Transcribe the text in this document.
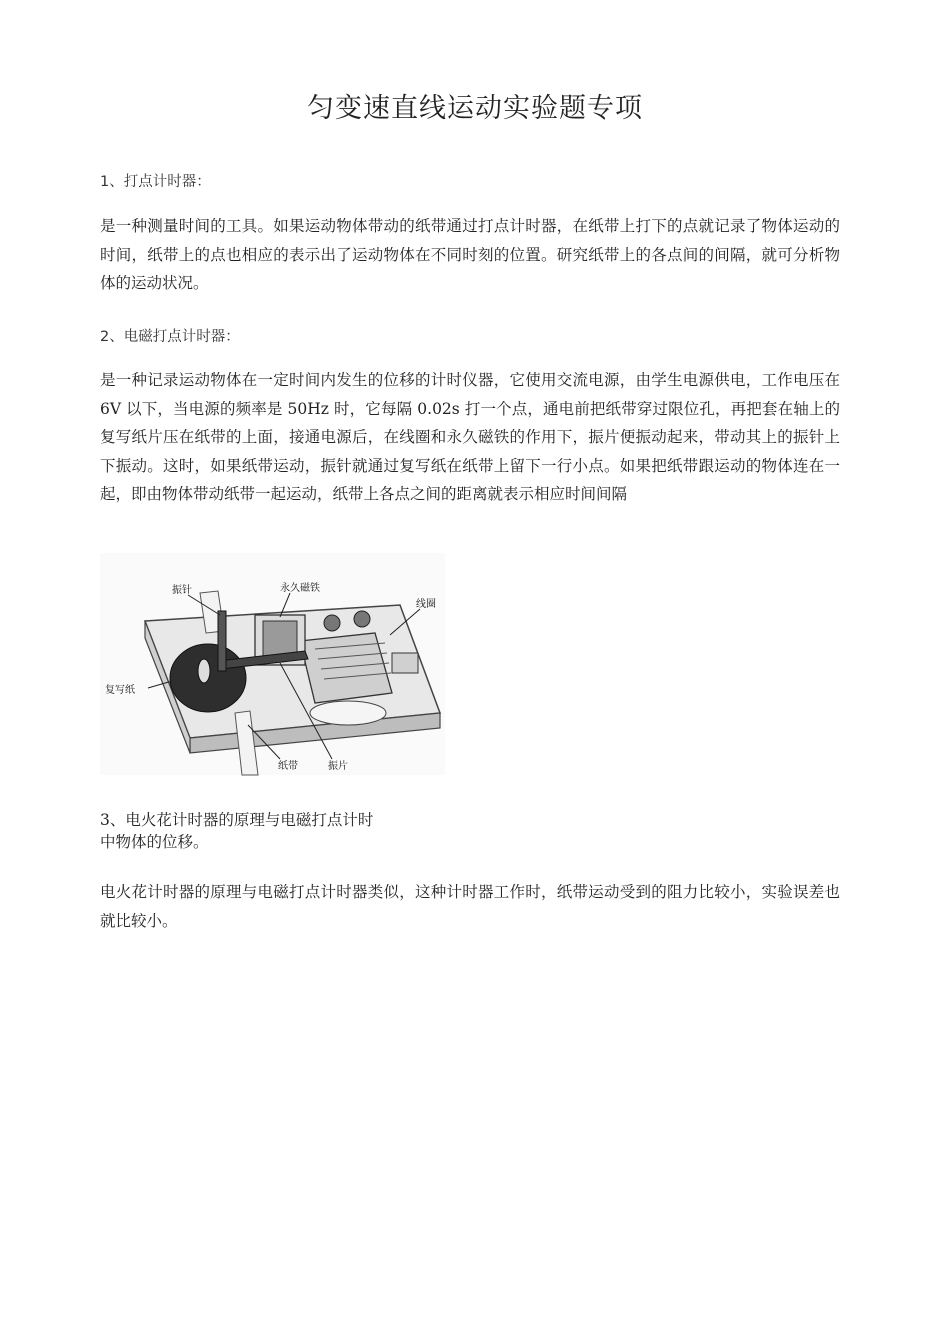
匀变速直线运动实验题专项
1、打点计时器：
是一种测量时间的工具。如果运动物体带动的纸带通过打点计时器，在纸带上打下的点就记录了物体运动的时间，纸带上的点也相应的表示出了运动物体在不同时刻的位置。研究纸带上的各点间的间隔，就可分析物体的运动状况。
2、电磁打点计时器：
是一种记录运动物体在一定时间内发生的位移的计时仪器，它使用交流电源，由学生电源供电，工作电压在 6V 以下，当电源的频率是 50Hz 时，它每隔 0.02s 打一个点，通电前把纸带穿过限位孔，再把套在轴上的复写纸片压在纸带的上面，接通电源后，在线圈和永久磁铁的作用下，振片便振动起来，带动其上的振针上下振动。这时，如果纸带运动，振针就通过复写纸在纸带上留下一行小点。如果把纸带跟运动的物体连在一起，即由物体带动纸带一起运动，纸带上各点之间的距离就表示相应时间间隔
振针	永久磁铁
线圈
复写纸
纸带	振片
3、电火花计时器的原理与电磁打点计时
中物体的位移。
电火花计时器的原理与电磁打点计时器类似，这种计时器工作时，纸带运动受到的阻力比较小，实验误差也就比较小。
